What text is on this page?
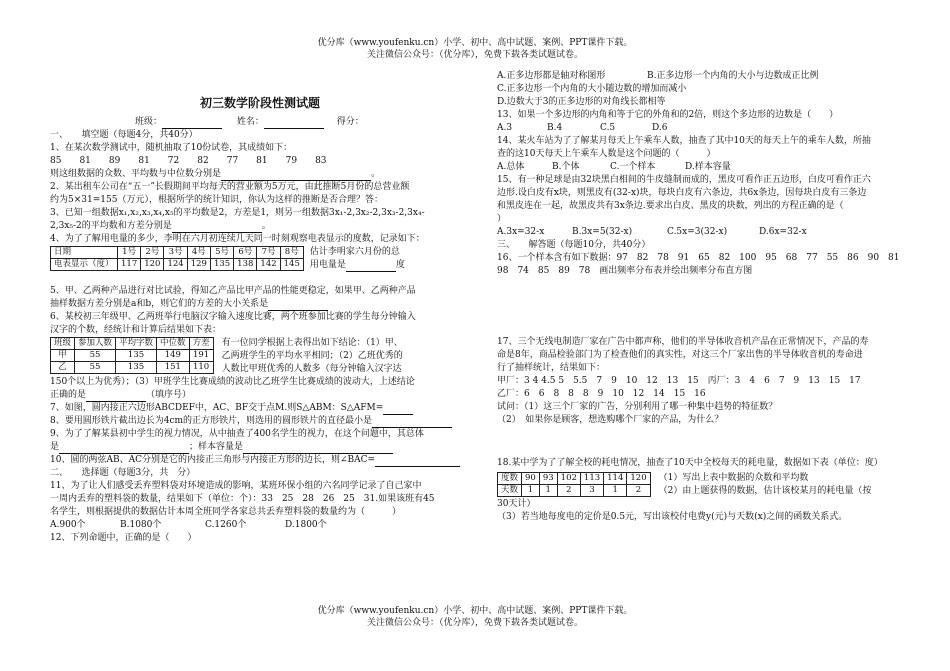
优分库（www.youfenku.cn）小学、初中、高中试题、案例、PPT课件下载。
关注微信公众号：（优分库），免费下载各类试题试卷。
初三数学阶段性测试题

班级：	姓名：	得分：

一、　　填空题（每题4分，共40分）

1、在某次数学测试中，随机抽取了10份试卷，其成绩如下：

85　　81　　89　　81　　72　　82　　77　　81　　79　　83

则这组数据的众数、平均数与中位数分别是	。

2、某出租车公司在“五一”长假期间平均每天的营业额为5万元，由此推断5月份的总营业额

约为5×31=155（万元），根据所学的统计知识，你认为这样的推断是否合理？答：

3、已知一组数据x₁,x₂,x₃,x₄,x₅的平均数是2，方差是1，则另一组数据3x₁-2,3x₂-2,3x₃-2,3x₄-

2,3x₅-2的平均数和方差分别是	。

4、为了了解用电量的多少，李明在六月初连续几天同一时刻观察电表显示的度数，记录如下：

日期	1号	2号	3号	4号	5号	6号	7号	8号
电表显示（度）	117	120	124	129	135	138	142	145

估计李明家六月份的总

用电量是	度

5、甲、乙两种产品进行对比试验，得知乙产品比甲产品的性能更稳定，如果甲、乙两种产品

抽样数据方差分别是a和b，则它们的方差的大小关系是

6、某校初三年级甲、乙两班举行电脑汉字输入速度比赛，两个班参加比赛的学生每分钟输入

汉字的个数，经统计和计算后结果如下表：

班级	参加人数	平均字数	中位数	方差
甲	55	135	149	191
乙	55	135	151	110

有一位同学根据上表得出如下结论：（1）甲、

乙两班学生的平均水平相同；（2）乙班优秀的

人数比甲班优秀的人数多（每分钟输入汉字达

150个以上为优秀）；（3）甲班学生比赛成绩的波动比乙班学生比赛成绩的波动大，上述结论

正确的是	（填序号）

7、如图，圆内接正六边形ABCDEF中，AC、BF交于点M.则S△ABM：S△AFM=

8、要用圆形铁片截出边长为4cm的正方形铁片，则选用的圆形铁片的直径最小是

9、为了了解某县初中学生的视力情况，从中抽查了400名学生的视力，在这个问题中，其总体

是	；样本容量是

10、圆的两弦AB、AC分别是它的内接正三角形与内接正方形的边长，则∠BAC=

二、　　选择题（每题3分，共　分）

11、为了让人们感受丢弃塑料袋对环境造成的影响，某班环保小组的六名同学记录了自己家中

一周内丢弃的塑料袋的数量，结果如下（单位：个）：33　25　28　26　25　31.如果该班有45

名学生，则根据提供的数据估计本周全班同学各家总共丢弃塑料袋的数量约为（　　　）

A.900个	B.1080个	C.1260个	D.1800个

12、下列命题中，正确的是（　　）

A.正多边形都是轴对称图形	B.正多边形一个内角的大小与边数成正比例

C.正多边形一个内角的大小随边数的增加而减小

D.边数大于3的正多边形的对角线长都相等

13、如果一个多边形的内角和等于它的外角和的2倍，则这个多边形的边数是（　　）

A.3	B.4	C.5	D.6

14、某火车站为了了解某月每天上午乘车人数，抽查了其中10天的每天上午的乘车人数，所抽

查的这10天每天上午乘车人数是这个问题的（　　　）

A.总体	B.个体	C.一个样本	D.样本容量

15、有一种足球是由32块黑白相间的牛皮缝制而成的，黑皮可看作正五边形，白皮可看作正六

边形.设白皮有x块，则黑皮有(32-x)块，每块白皮有六条边，共6x条边，因每块白皮有三条边

和黑皮连在一起，故黑皮共有3x条边.要求出白皮、黑皮的块数，列出的方程正确的是（

）

A.3x=32-x	B.3x=5(32-x)	C.5x=3(32-x)	D.6x=32-x

三、　　解答题（每题10分，共40分）

16、一个样本含有如下数据：97　82　78　91　65　82　100　95　68　77　55　86　90　81

98　74　85　89　78　画出频率分布表并绘出频率分布直方图

17、三个无线电制造厂家在广告中都声称，他们的半导体收音机产品在正常情况下，产品的寿

命是8年，商品检验部门为了检查他们的真实性，对这三个厂家出售的半导体收音机的寿命进

行了抽样统计，结果如下：

甲厂：3 4 4.5 5　5.5　7　9　10　12　13　15　丙厂：3　4　6　7　9　13　15　17

乙厂：6　6　8　8　8　9　10　12　14　15　16

试问：（1）这三个厂家的广告，分别利用了哪一种集中趋势的特征数？

（2）　如果你是顾客，想选购哪个厂家的产品，为什么？

18.某中学为了了解全校的耗电情况，抽查了10天中全校每天的耗电量，数据如下表（单位：度）

度数	90	93	102	113	114	120
天数	1	1	2	3	1	2

（1）写出上表中数据的众数和平均数

（2）由上题获得的数据，估计该校某月的耗电量（按

30天计）

（3）若当地每度电的定价是0.5元，写出该校付电费y(元)与天数(x)之间的函数关系式。

优分库（www.youfenku.cn）小学、初中、高中试题、案例、PPT课件下载。
关注微信公众号：（优分库），免费下载各类试题试卷。
